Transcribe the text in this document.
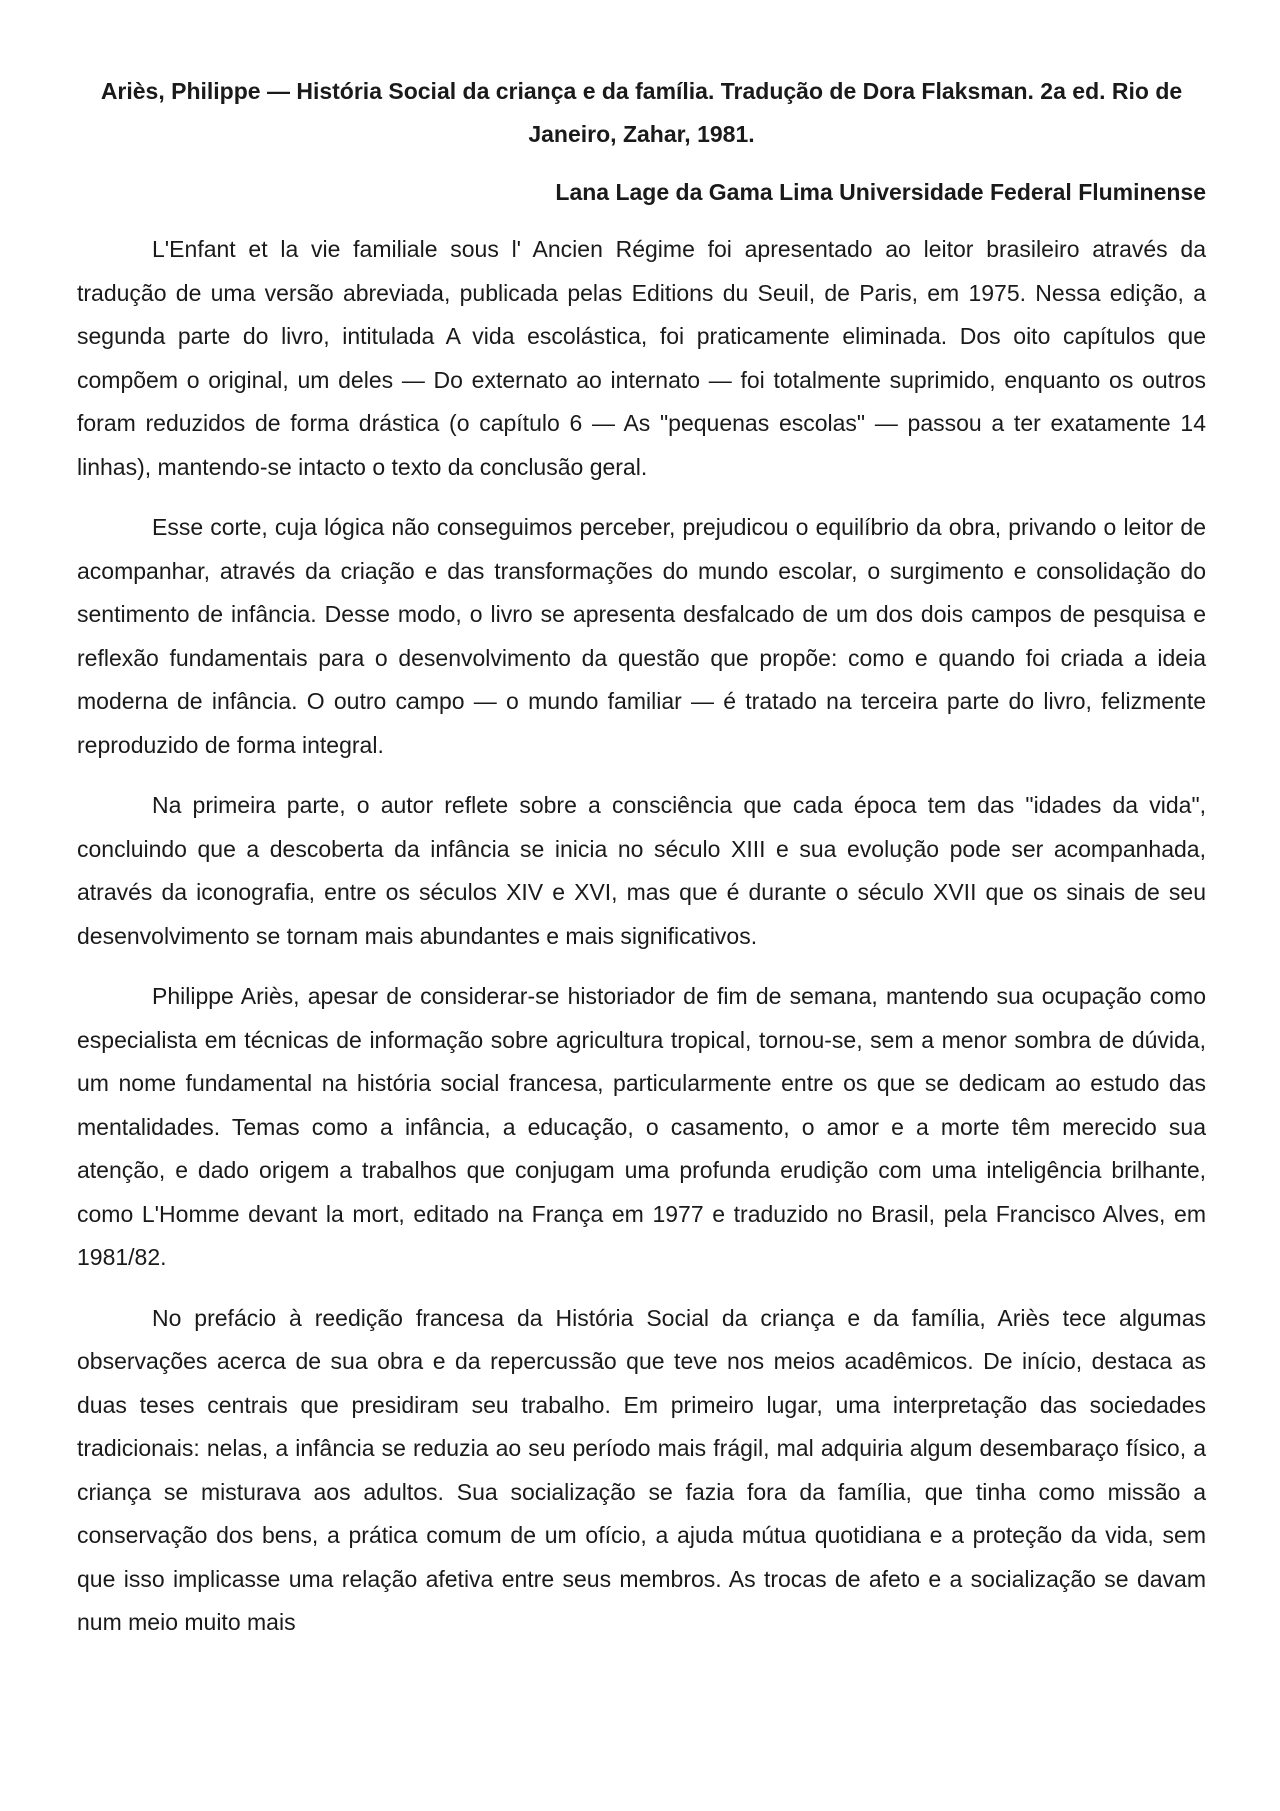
Ariès, Philippe — História Social da criança e da família. Tradução de Dora Flaksman. 2a ed. Rio de Janeiro, Zahar, 1981.

Lana Lage da Gama Lima Universidade Federal Fluminense

L'Enfant et la vie familiale sous l' Ancien Régime foi apresentado ao leitor brasileiro através da tradução de uma versão abreviada, publicada pelas Editions du Seuil, de Paris, em 1975. Nessa edição, a segunda parte do livro, intitulada A vida escolástica, foi praticamente eliminada. Dos oito capítulos que compõem o original, um deles — Do externato ao internato — foi totalmente suprimido, enquanto os outros foram reduzidos de forma drástica (o capítulo 6 — As "pequenas escolas" — passou a ter exatamente 14 linhas), mantendo-se intacto o texto da conclusão geral.

Esse corte, cuja lógica não conseguimos perceber, prejudicou o equilíbrio da obra, privando o leitor de acompanhar, através da criação e das transformações do mundo escolar, o surgimento e consolidação do sentimento de infância. Desse modo, o livro se apresenta desfalcado de um dos dois campos de pesquisa e reflexão fundamentais para o desenvolvimento da questão que propõe: como e quando foi criada a ideia moderna de infância. O outro campo — o mundo familiar — é tratado na terceira parte do livro, felizmente reproduzido de forma integral.

Na primeira parte, o autor reflete sobre a consciência que cada época tem das "idades da vida", concluindo que a descoberta da infância se inicia no século XIII e sua evolução pode ser acompanhada, através da iconografia, entre os séculos XIV e XVI, mas que é durante o século XVII que os sinais de seu desenvolvimento se tornam mais abundantes e mais significativos.

Philippe Ariès, apesar de considerar-se historiador de fim de semana, mantendo sua ocupação como especialista em técnicas de informação sobre agricultura tropical, tornou-se, sem a menor sombra de dúvida, um nome fundamental na história social francesa, particularmente entre os que se dedicam ao estudo das mentalidades. Temas como a infância, a educação, o casamento, o amor e a morte têm merecido sua atenção, e dado origem a trabalhos que conjugam uma profunda erudição com uma inteligência brilhante, como L'Homme devant la mort, editado na França em 1977 e traduzido no Brasil, pela Francisco Alves, em 1981/82.

No prefácio à reedição francesa da História Social da criança e da família, Ariès tece algumas observações acerca de sua obra e da repercussão que teve nos meios acadêmicos. De início, destaca as duas teses centrais que presidiram seu trabalho. Em primeiro lugar, uma interpretação das sociedades tradicionais: nelas, a infância se reduzia ao seu período mais frágil, mal adquiria algum desembaraço físico, a criança se misturava aos adultos. Sua socialização se fazia fora da família, que tinha como missão a conservação dos bens, a prática comum de um ofício, a ajuda mútua quotidiana e a proteção da vida, sem que isso implicasse uma relação afetiva entre seus membros. As trocas de afeto e a socialização se davam num meio muito mais
